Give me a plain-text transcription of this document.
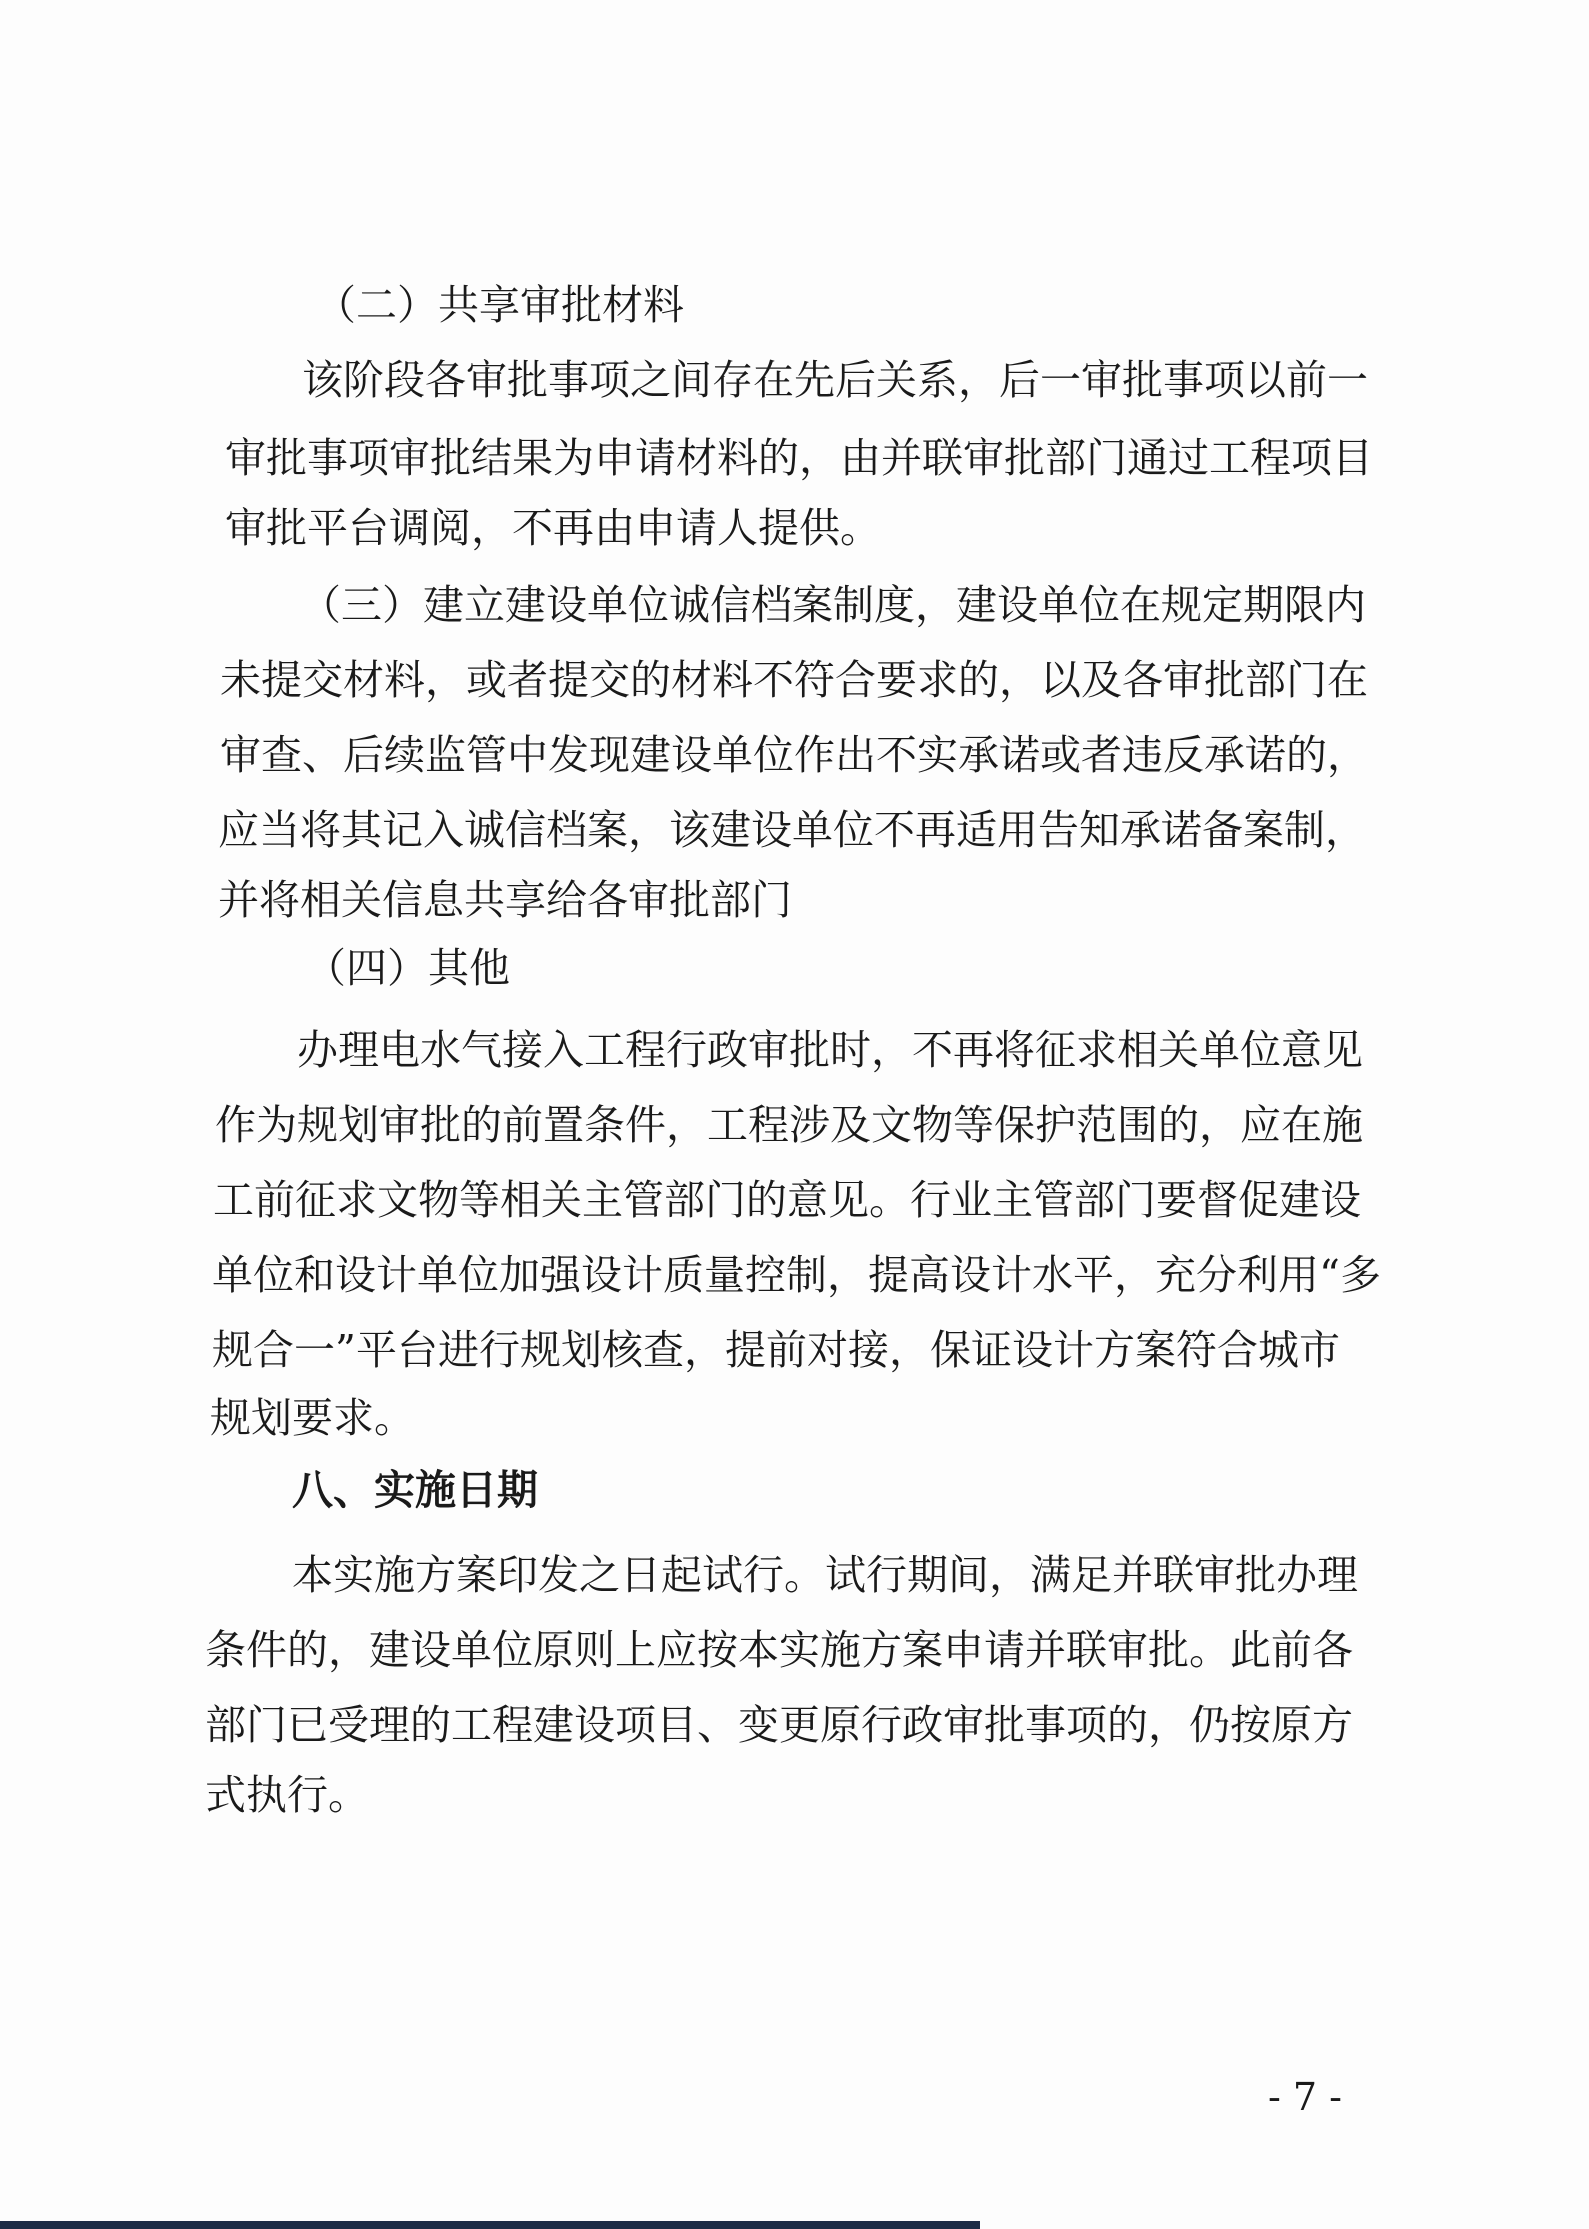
（二）共享审批材料
该阶段各审批事项之间存在先后关系，后一审批事项以前一
审批事项审批结果为申请材料的，由并联审批部门通过工程项目
审批平台调阅，不再由申请人提供。
（三）建立建设单位诚信档案制度，建设单位在规定期限内
未提交材料，或者提交的材料不符合要求的，以及各审批部门在
审查、后续监管中发现建设单位作出不实承诺或者违反承诺的，
应当将其记入诚信档案，该建设单位不再适用告知承诺备案制，
并将相关信息共享给各审批部门
（四）其他
办理电水气接入工程行政审批时，不再将征求相关单位意见
作为规划审批的前置条件，工程涉及文物等保护范围的，应在施
工前征求文物等相关主管部门的意见。行业主管部门要督促建设
单位和设计单位加强设计质量控制，提高设计水平，充分利用“多
规合一”平台进行规划核查，提前对接，保证设计方案符合城市
规划要求。
八、实施日期
本实施方案印发之日起试行。试行期间，满足并联审批办理
条件的，建设单位原则上应按本实施方案申请并联审批。此前各
部门已受理的工程建设项目、变更原行政审批事项的，仍按原方
式执行。
- 7 -
